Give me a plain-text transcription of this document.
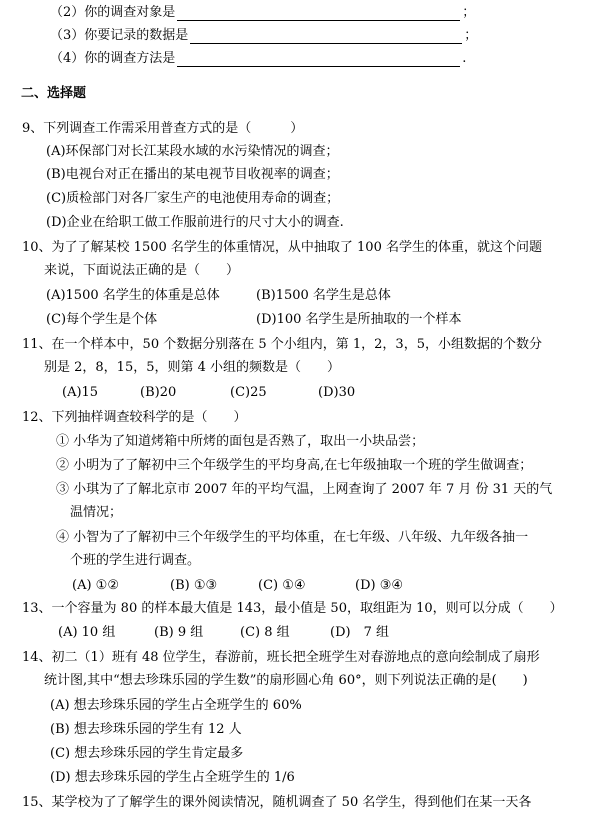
（2）你的调查对象是	；
（3）你要记录的数据是	；
（4）你的调查方法是	.
二、选择题
9、下列调查工作需采用普查方式的是（　　　）
(A)环保部门对长江某段水域的水污染情况的调查；
(B)电视台对正在播出的某电视节目收视率的调查；
(C)质检部门对各厂家生产的电池使用寿命的调查；
(D)企业在给职工做工作服前进行的尺寸大小的调查.
10、为了了解某校 1500 名学生的体重情况，从中抽取了 100 名学生的体重，就这个问题
来说，下面说法正确的是（　　）
(A)1500 名学生的体重是总体	(B)1500 名学生是总体
(C)每个学生是个体	(D)100 名学生是所抽取的一个样本
11、在一个样本中，50 个数据分别落在 5 个小组内，第 1，2，3，5，小组数据的个数分
别是 2，8，15，5，则第 4 小组的频数是（　　）
(A)15	(B)20	(C)25	(D)30
12、下列抽样调查较科学的是（　　）
① 小华为了知道烤箱中所烤的面包是否熟了，取出一小块品尝；
② 小明为了了解初中三个年级学生的平均身高,在七年级抽取一个班的学生做调查；
③ 小琪为了了解北京市 2007 年的平均气温，上网查询了 2007 年 7 月 份 31 天的气
温情况；
④ 小智为了了解初中三个年级学生的平均体重，在七年级、八年级、九年级各抽一
个班的学生进行调查。
(A) ①②	(B) ①③	(C) ①④	(D) ③④
13、一个容量为 80 的样本最大值是 143，最小值是 50，取组距为 10，则可以分成（　　）
(A) 10 组	(B) 9 组	(C) 8 组	(D)　7 组
14、初二（1）班有 48 位学生，春游前，班长把全班学生对春游地点的意向绘制成了扇形
统计图,其中“想去珍珠乐园的学生数”的扇形圆心角 60°，则下列说法正确的是(　　)
(A) 想去珍珠乐园的学生占全班学生的 60%
(B) 想去珍珠乐园的学生有 12 人
(C) 想去珍珠乐园的学生肯定最多
(D) 想去珍珠乐园的学生占全班学生的 1/6
15、某学校为了了解学生的课外阅读情况，随机调查了 50 名学生，得到他们在某一天各
